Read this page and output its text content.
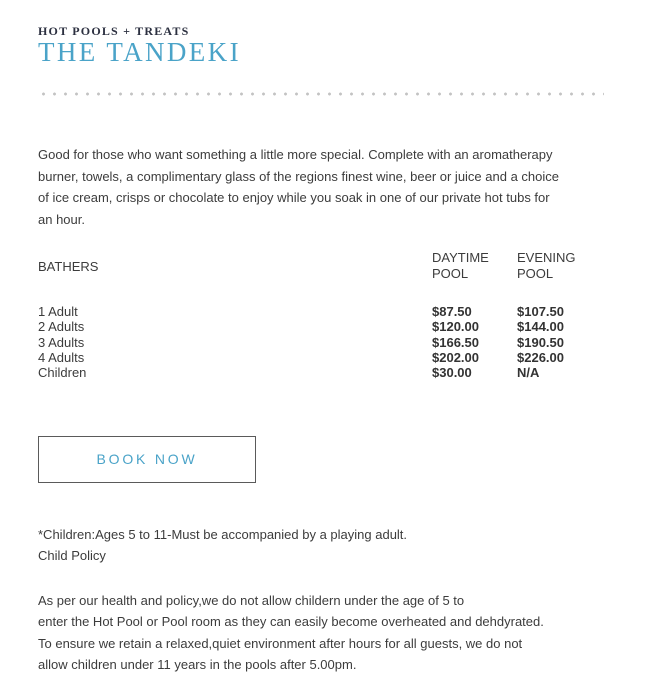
HOT POOLS + TREATS
THE TANDEKI
Good for those who want something a little more special. Complete with an aromatherapy
burner, towels, a complimentary glass of the regions finest wine, beer or juice and a choice
of ice cream, crisps or chocolate to enjoy while you soak in one of our private hot tubs for
an hour.
BATHERS
DAYTIME
POOL
EVENING
POOL
1 Adult	$87.50	$107.50
2 Adults	$120.00	$144.00
3 Adults	$166.50	$190.50
4 Adults	$202.00	$226.00
Children	$30.00	N/A
BOOK NOW
*Children:Ages 5 to 11-Must be accompanied by a playing adult.
Child Policy
As per our health and policy,we do not allow childern under the age of 5 to
enter the Hot Pool or Pool room as they can easily become overheated and dehdyrated.
To ensure we retain a relaxed,quiet environment after hours for all guests, we do not
allow children under 11 years in the pools after 5.00pm.
